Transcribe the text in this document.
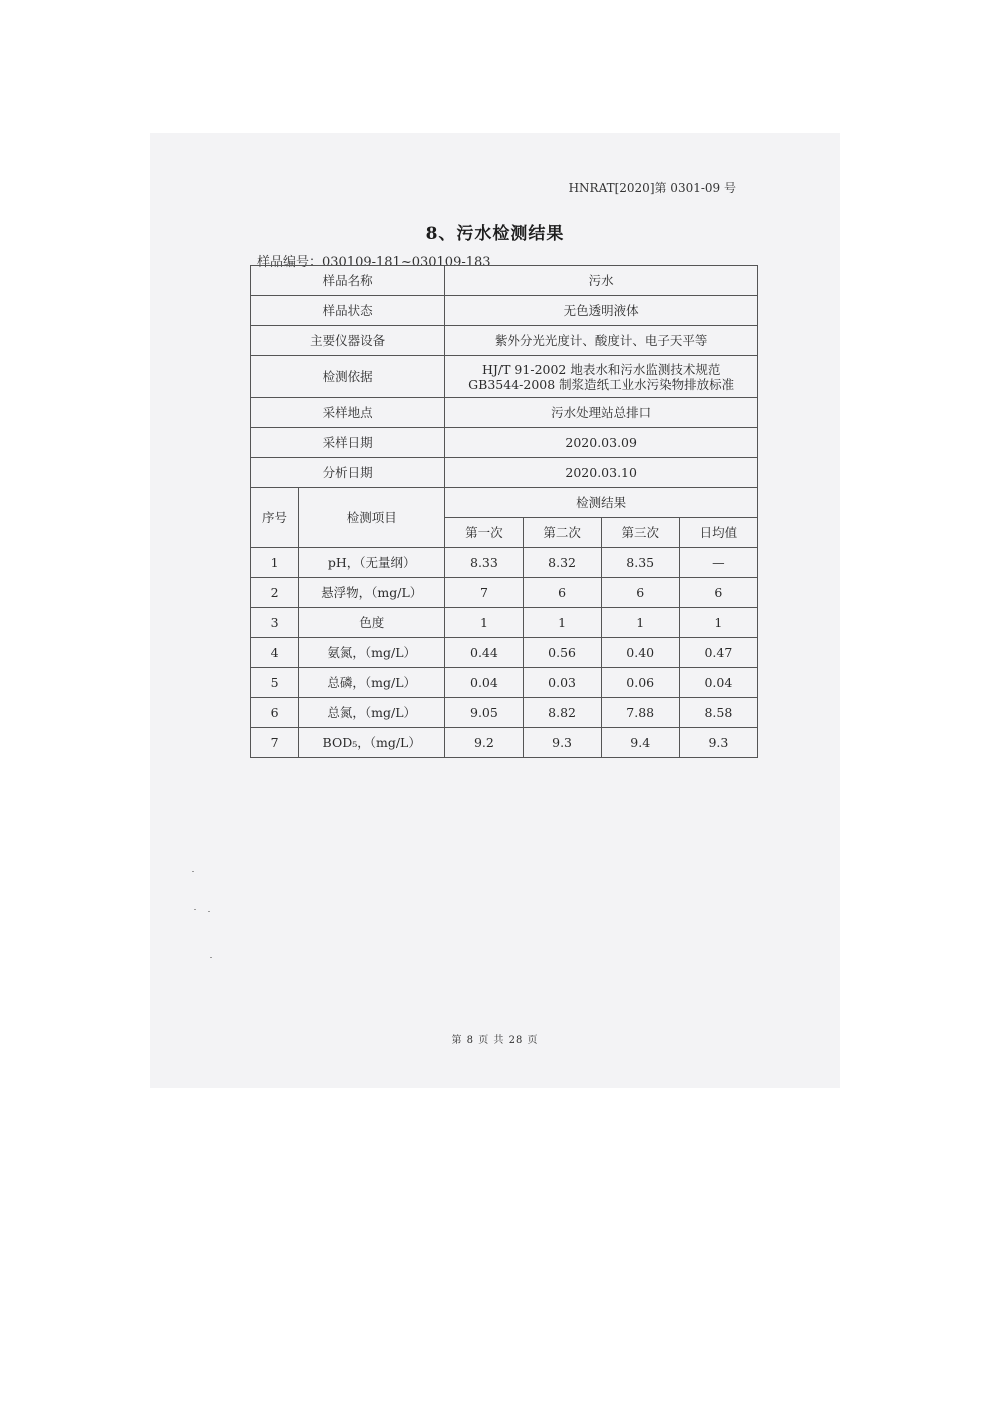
HNRAT[2020]第 0301-09 号
8、污水检测结果
样品编号：030109-181~030109-183
样品名称		污水			
样品状态		无色透明液体			
主要仪器设备		紫外分光光度计、酸度计、电子天平等			
检测依据		HJ/T 91-2002 地表水和污水监测技术规范
GB3544-2008 制浆造纸工业水污染物排放标准			

采样地点		污水处理站总排口			
采样日期		2020.03.09			
分析日期		2020.03.10			
序号	检测项目	检测结果			
		第一次	第二次	第三次	日均值
1	pH，（无量纲）	8.33	8.32	8.35	—
2	悬浮物，（mg/L）	7	6	6	6
3	色度	1	1	1	1
4	氨氮，（mg/L）	0.44	0.56	0.40	0.47
5	总磷，（mg/L）	0.04	0.03	0.06	0.04
6	总氮，（mg/L）	9.05	8.82	7.88	8.58
7	BOD₅，（mg/L）	9.2	9.3	9.4	9.3
第 8 页 共 28 页
